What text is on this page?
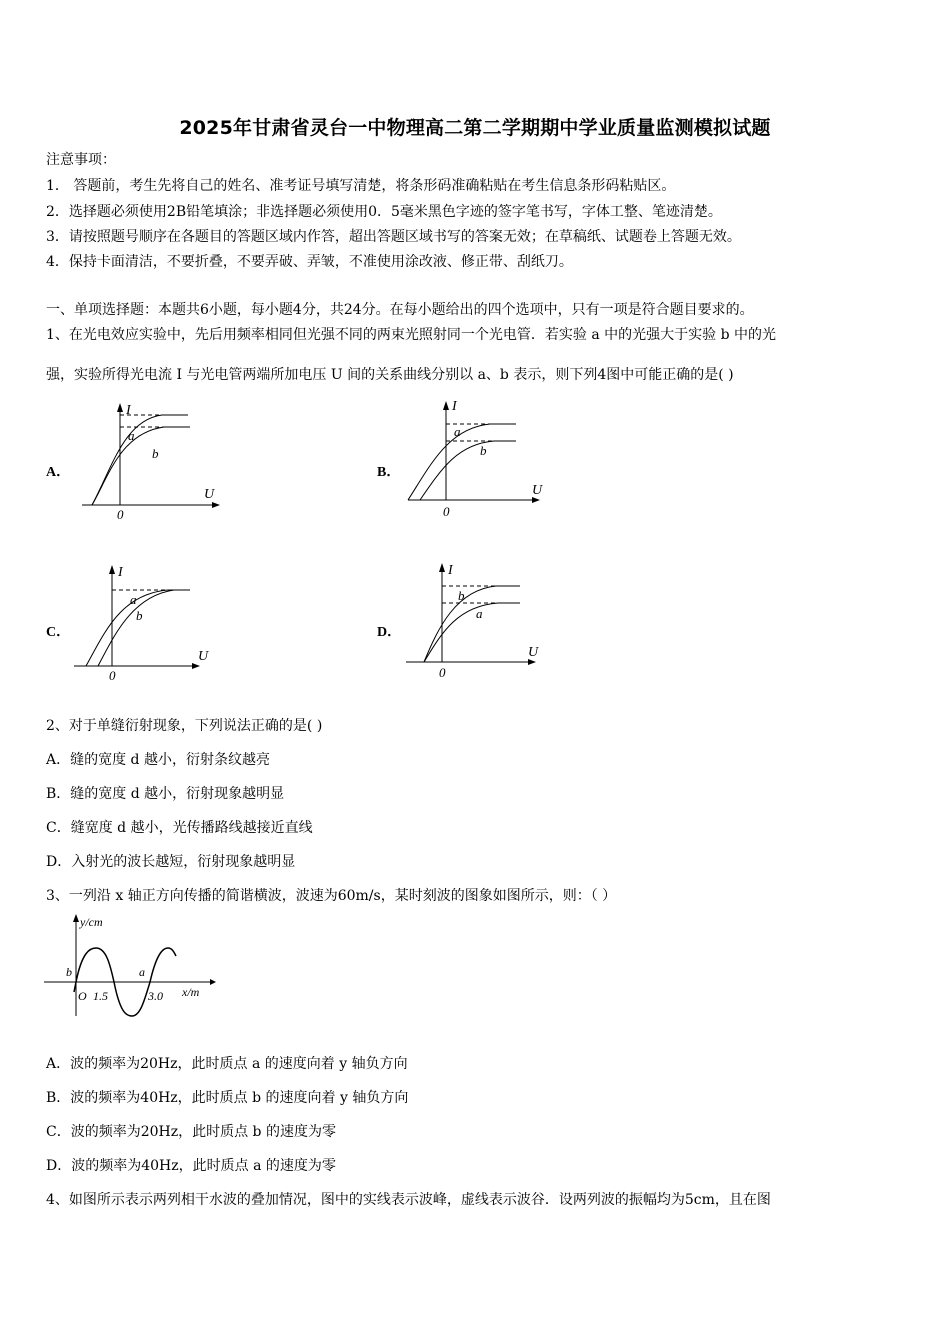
2025年甘肃省灵台一中物理高二第二学期期中学业质量监测模拟试题
注意事项：
1． 答题前，考生先将自己的姓名、准考证号填写清楚，将条形码准确粘贴在考生信息条形码粘贴区。
2．选择题必须使用2B铅笔填涂；非选择题必须使用0．5毫米黑色字迹的签字笔书写，字体工整、笔迹清楚。
3．请按照题号顺序在各题目的答题区域内作答，超出答题区域书写的答案无效；在草稿纸、试题卷上答题无效。
4．保持卡面清洁，不要折叠，不要弄破、弄皱，不准使用涂改液、修正带、刮纸刀。
一、单项选择题：本题共6小题，每小题4分，共24分。在每小题给出的四个选项中，只有一项是符合题目要求的。
1、在光电效应实验中，先后用频率相同但光强不同的两束光照射同一个光电管．若实验 a 中的光强大于实验 b 中的光
强，实验所得光电流 I 与光电管两端所加电压 U 间的关系曲线分别以 a、b 表示，则下列4图中可能正确的是( )
A．
I
U
0
a
b
B．
I
U
0
a
b
C．
I
U
0
a
b
D．
I
U
0
b
a
2、对于单缝衍射现象，下列说法正确的是( )
A．缝的宽度 d 越小，衍射条纹越亮
B．缝的宽度 d 越小，衍射现象越明显
C．缝宽度 d 越小，光传播路线越接近直线
D．入射光的波长越短，衍射现象越明显
3、一列沿 x 轴正方向传播的简谐横波，波速为60m/s，某时刻波的图象如图所示，则：（ ）
y/cm
x/m
b	a
O 1.5	3.0
A．波的频率为20Hz，此时质点 a 的速度向着 y 轴负方向
B．波的频率为40Hz，此时质点 b 的速度向着 y 轴负方向
C．波的频率为20Hz，此时质点 b 的速度为零
D．波的频率为40Hz，此时质点 a 的速度为零
4、如图所示表示两列相干水波的叠加情况，图中的实线表示波峰，虚线表示波谷．设两列波的振幅均为5cm，且在图
